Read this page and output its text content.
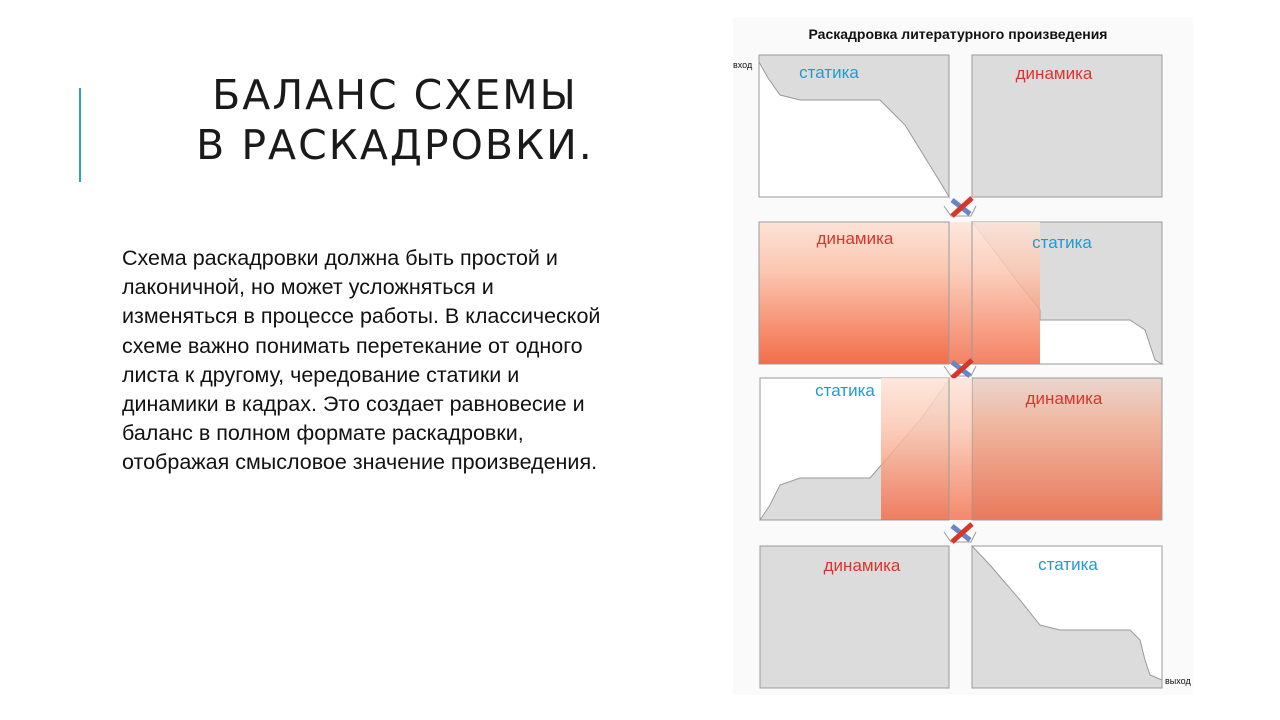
БАЛАНС СХЕМЫ
В РАСКАДРОВКИ.

Схема раскадровки должна быть простой и лаконичной, но может усложняться и изменяться в процессе работы. В классической схеме важно понимать перетекание от одного листа к другому, чередование статики и динамики в кадрах. Это создает равновесие и баланс в полном формате раскадровки, отображая смысловое значение произведения.

Раскадровка литературного произведения
статика	динамика
вход
динамика	статика
статика	динамика
динамика	статика
выход
